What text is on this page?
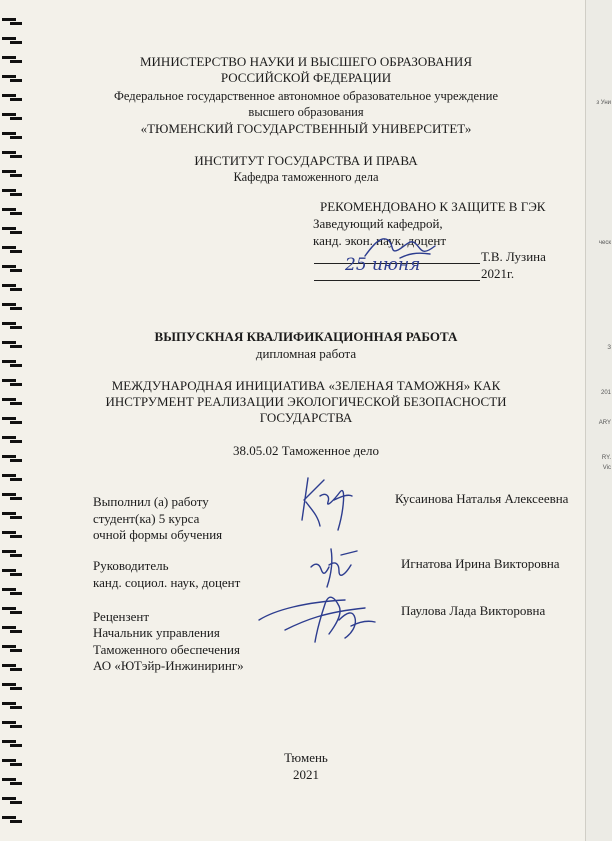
з Уни
ческ
З
201
ARY
RY.
Vic
МИНИСТЕРСТВО НАУКИ И ВЫСШЕГО ОБРАЗОВАНИЯ
РОССИЙСКОЙ ФЕДЕРАЦИИ
Федеральное государственное автономное образовательное учреждение
высшего образования
«ТЮМЕНСКИЙ ГОСУДАРСТВЕННЫЙ УНИВЕРСИТЕТ»
ИНСТИТУТ ГОСУДАРСТВА И ПРАВА
Кафедра таможенного дела
РЕКОМЕНДОВАНО К ЗАЩИТЕ В ГЭК
Заведующий кафедрой,
канд. экон. наук, доцент
Т.В. Лузина
2021г.
25 июня
ВЫПУСКНАЯ КВАЛИФИКАЦИОННАЯ РАБОТА
дипломная работа
МЕЖДУНАРОДНАЯ ИНИЦИАТИВА «ЗЕЛЕНАЯ ТАМОЖНЯ» КАК
ИНСТРУМЕНТ РЕАЛИЗАЦИИ ЭКОЛОГИЧЕСКОЙ БЕЗОПАСНОСТИ
ГОСУДАРСТВА
38.05.02 Таможенное дело
Выполнил (а) работу
студент(ка) 5 курса
очной формы обучения
Кусаинова Наталья Алексеевна
Руководитель
канд. социол. наук, доцент
Игнатова Ирина Викторовна
Рецензент
Начальник управления
Таможенного обеспечения
АО «ЮТэйр-Инжиниринг»
Паулова Лада Викторовна
Тюмень
2021
